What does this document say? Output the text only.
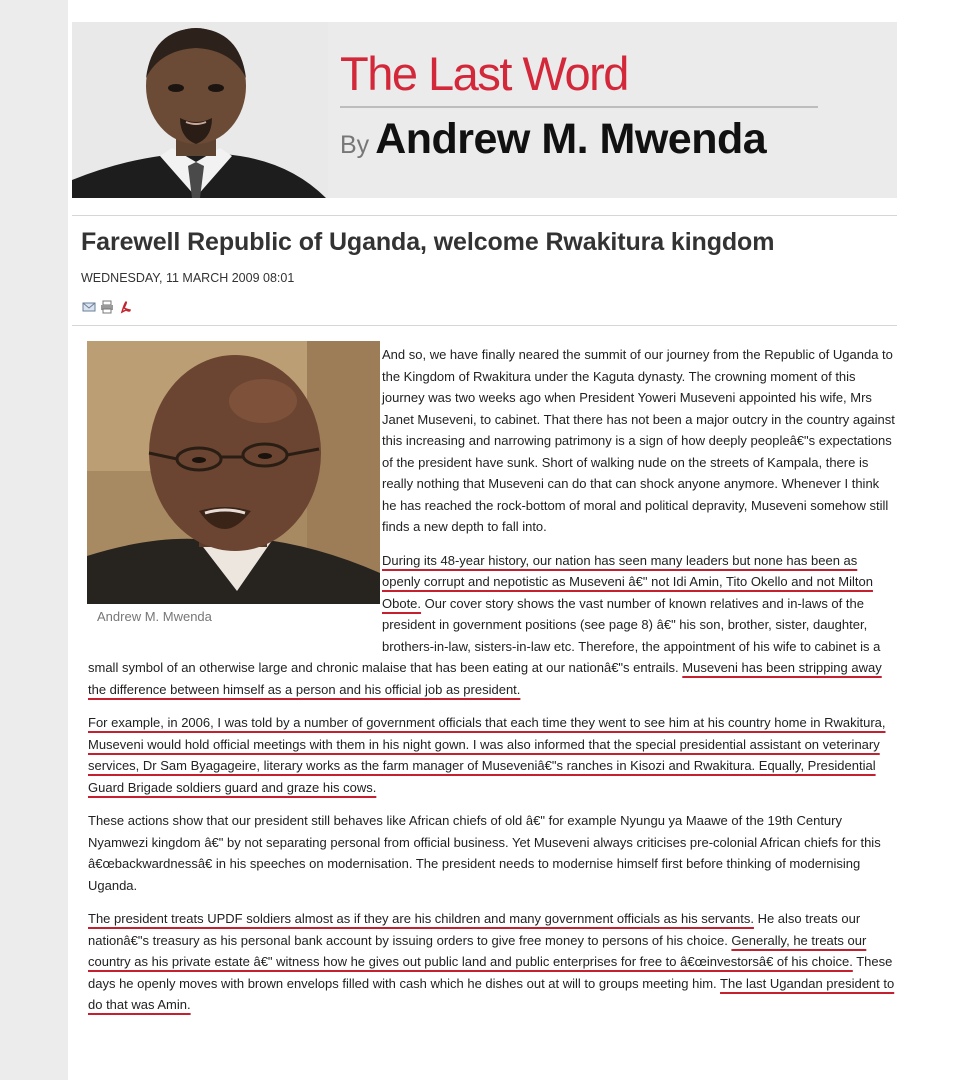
The Last Word
By Andrew M. Mwenda
Farewell Republic of Uganda, welcome Rwakitura kingdom
WEDNESDAY, 11 MARCH 2009 08:01
Andrew M. Mwenda

And so, we have finally neared the summit of our journey from the Republic of Uganda to the Kingdom of Rwakitura under the Kaguta dynasty. The crowning moment of this journey was two weeks ago when President Yoweri Museveni appointed his wife, Mrs Janet Museveni, to cabinet. That there has not been a major outcry in the country against this increasing and narrowing patrimony is a sign of how deeply peopleâ€"s expectations of the president have sunk. Short of walking nude on the streets of Kampala, there is really nothing that Museveni can do that can shock anyone anymore. Whenever I think he has reached the rock-bottom of moral and political depravity, Museveni somehow still finds a new depth to fall into.

During its 48-year history, our nation has seen many leaders but none has been as openly corrupt and nepotistic as Museveni â€" not Idi Amin, Tito Okello and not Milton Obote. Our cover story shows the vast number of known relatives and in-laws of the president in government positions (see page 8) â€" his son, brother, sister, daughter, brothers-in-law, sisters-in-law etc. Therefore, the appointment of his wife to cabinet is a small symbol of an otherwise large and chronic malaise that has been eating at our nationâ€"s entrails. Museveni has been stripping away the difference between himself as a person and his official job as president.

For example, in 2006, I was told by a number of government officials that each time they went to see him at his country home in Rwakitura, Museveni would hold official meetings with them in his night gown. I was also informed that the special presidential assistant on veterinary services, Dr Sam Byagageire, literary works as the farm manager of Museveniâ€"s ranches in Kisozi and Rwakitura. Equally, Presidential Guard Brigade soldiers guard and graze his cows.

These actions show that our president still behaves like African chiefs of old â€" for example Nyungu ya Maawe of the 19th Century Nyamwezi kingdom â€" by not separating personal from official business. Yet Museveni always criticises pre-colonial African chiefs for this â€œbackwardnessâ€ in his speeches on modernisation. The president needs to modernise himself first before thinking of modernising Uganda.

The president treats UPDF soldiers almost as if they are his children and many government officials as his servants. He also treats our nationâ€"s treasury as his personal bank account by issuing orders to give free money to persons of his choice. Generally, he treats our country as his private estate â€" witness how he gives out public land and public enterprises for free to â€œinvestorsâ€ of his choice. These days he openly moves with brown envelops filled with cash which he dishes out at will to groups meeting him. The last Ugandan president to do that was Amin.
